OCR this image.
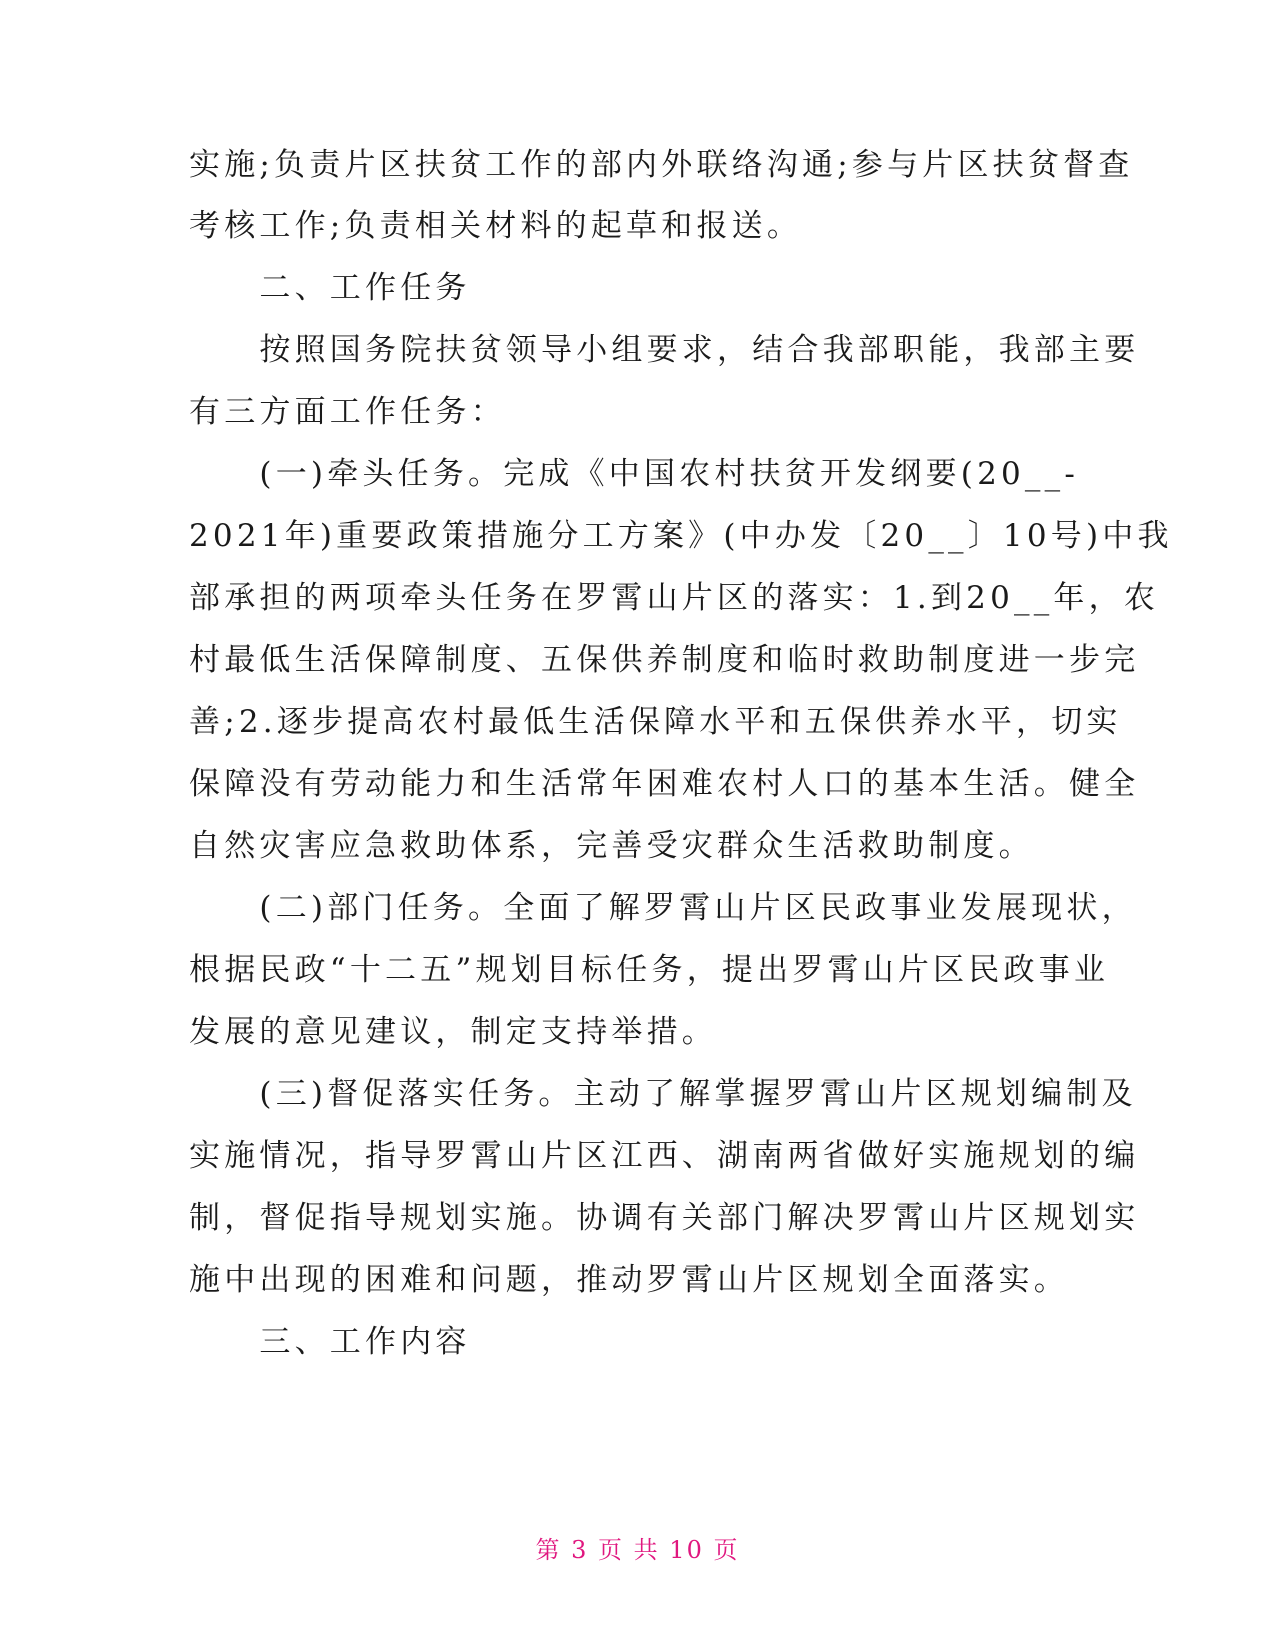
实施;负责片区扶贫工作的部内外联络沟通;参与片区扶贫督查
考核工作;负责相关材料的起草和报送。
　　二、工作任务
　　按照国务院扶贫领导小组要求，结合我部职能，我部主要
有三方面工作任务：
　　(一)牵头任务。完成《中国农村扶贫开发纲要(20__-
2021年)重要政策措施分工方案》(中办发〔20__〕10号)中我
部承担的两项牵头任务在罗霄山片区的落实：1.到20__年，农
村最低生活保障制度、五保供养制度和临时救助制度进一步完
善;2.逐步提高农村最低生活保障水平和五保供养水平，切实
保障没有劳动能力和生活常年困难农村人口的基本生活。健全
自然灾害应急救助体系，完善受灾群众生活救助制度。
　　(二)部门任务。全面了解罗霄山片区民政事业发展现状，
根据民政“十二五”规划目标任务，提出罗霄山片区民政事业
发展的意见建议，制定支持举措。
　　(三)督促落实任务。主动了解掌握罗霄山片区规划编制及
实施情况，指导罗霄山片区江西、湖南两省做好实施规划的编
制，督促指导规划实施。协调有关部门解决罗霄山片区规划实
施中出现的困难和问题，推动罗霄山片区规划全面落实。
　　三、工作内容
第 3 页 共 10 页
